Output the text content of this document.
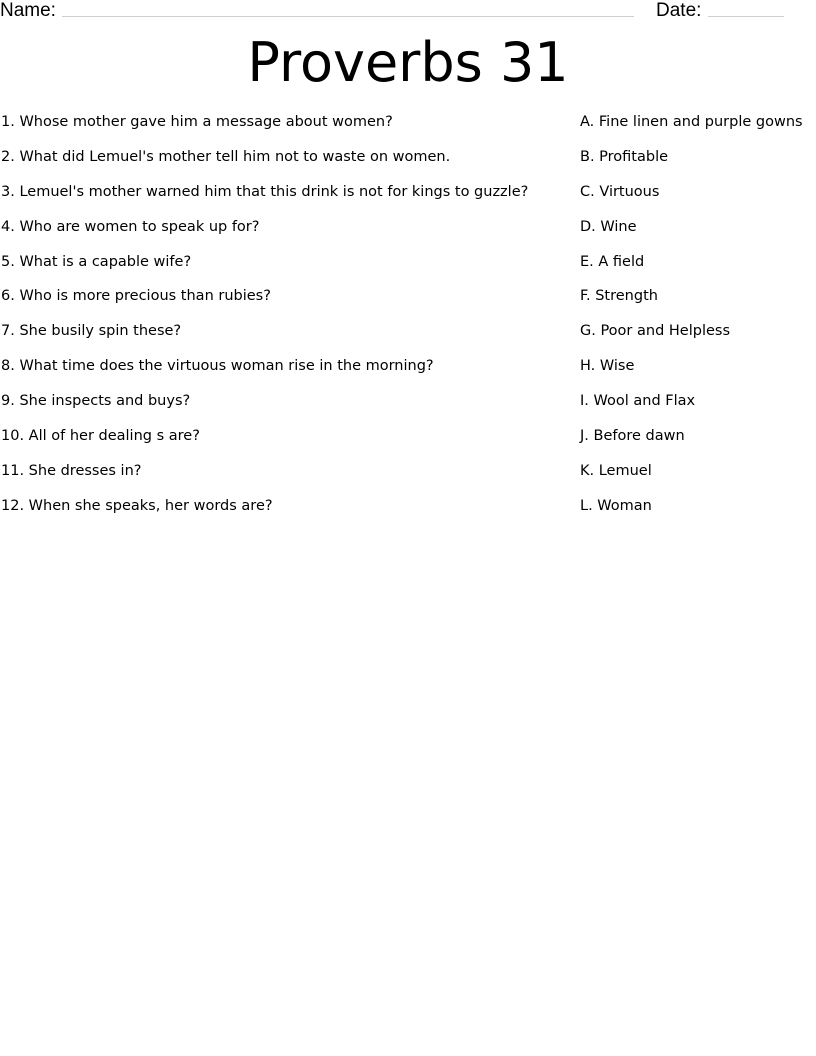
Name:	Date:
Proverbs 31
1. Whose mother gave him a message about women?
2. What did Lemuel's mother tell him not to waste on women.
3. Lemuel's mother warned him that this drink is not for kings to guzzle?
4. Who are women to speak up for?
5. What is a capable wife?
6. Who is more precious than rubies?
7. She busily spin these?
8. What time does the virtuous woman rise in the morning?
9. She inspects and buys?
10. All of her dealing s are?
11. She dresses in?
12. When she speaks, her words are?
A. Fine linen and purple gowns
B. Profitable
C. Virtuous
D. Wine
E. A field
F. Strength
G. Poor and Helpless
H. Wise
I. Wool and Flax
J. Before dawn
K. Lemuel
L. Woman
